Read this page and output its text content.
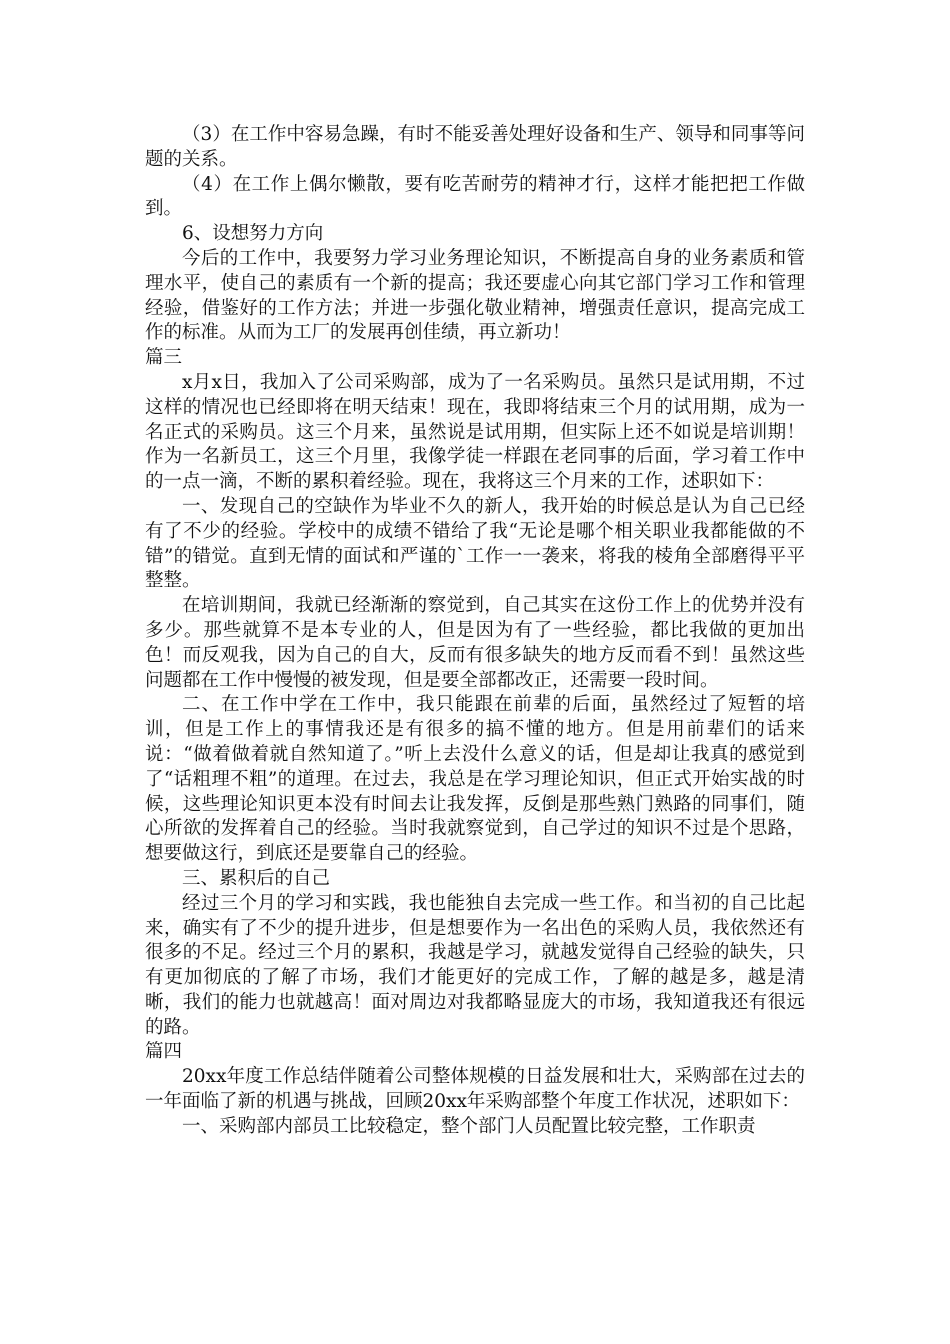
（3）在工作中容易急躁，有时不能妥善处理好设备和生产、领导和同事等问题的关系。

（4）在工作上偶尔懒散，要有吃苦耐劳的精神才行，这样才能把把工作做到。

6、设想努力方向

今后的工作中，我要努力学习业务理论知识，不断提高自身的业务素质和管理水平，使自己的素质有一个新的提高；我还要虚心向其它部门学习工作和管理经验，借鉴好的工作方法；并进一步强化敬业精神，增强责任意识，提高完成工作的标准。从而为工厂的发展再创佳绩，再立新功！

篇三

x月x日，我加入了公司采购部，成为了一名采购员。虽然只是试用期，不过这样的情况也已经即将在明天结束！现在，我即将结束三个月的试用期，成为一名正式的采购员。这三个月来，虽然说是试用期，但实际上还不如说是培训期！作为一名新员工，这三个月里，我像学徒一样跟在老同事的后面，学习着工作中的一点一滴，不断的累积着经验。现在，我将这三个月来的工作，述职如下：

一、发现自己的空缺作为毕业不久的新人，我开始的时候总是认为自己已经有了不少的经验。学校中的成绩不错给了我“无论是哪个相关职业我都能做的不错”的错觉。直到无情的面试和严谨的`工作一一袭来，将我的棱角全部磨得平平整整。

在培训期间，我就已经渐渐的察觉到，自己其实在这份工作上的优势并没有多少。那些就算不是本专业的人，但是因为有了一些经验，都比我做的更加出色！而反观我，因为自己的自大，反而有很多缺失的地方反而看不到！虽然这些问题都在工作中慢慢的被发现，但是要全部都改正，还需要一段时间。

二、在工作中学在工作中，我只能跟在前辈的后面，虽然经过了短暂的培训，但是工作上的事情我还是有很多的搞不懂的地方。但是用前辈们的话来说：“做着做着就自然知道了。”听上去没什么意义的话，但是却让我真的感觉到了“话粗理不粗”的道理。在过去，我总是在学习理论知识，但正式开始实战的时候，这些理论知识更本没有时间去让我发挥，反倒是那些熟门熟路的同事们，随心所欲的发挥着自己的经验。当时我就察觉到，自己学过的知识不过是个思路，想要做这行，到底还是要靠自己的经验。

三、累积后的自己

经过三个月的学习和实践，我也能独自去完成一些工作。和当初的自己比起来，确实有了不少的提升进步，但是想要作为一名出色的采购人员，我依然还有很多的不足。经过三个月的累积，我越是学习，就越发觉得自己经验的缺失，只有更加彻底的了解了市场，我们才能更好的完成工作，了解的越是多，越是清晰，我们的能力也就越高！面对周边对我都略显庞大的市场，我知道我还有很远的路。

篇四

20xx年度工作总结伴随着公司整体规模的日益发展和壮大，采购部在过去的一年面临了新的机遇与挑战，回顾20xx年采购部整个年度工作状况，述职如下：

一、采购部内部员工比较稳定，整个部门人员配置比较完整，工作职责
